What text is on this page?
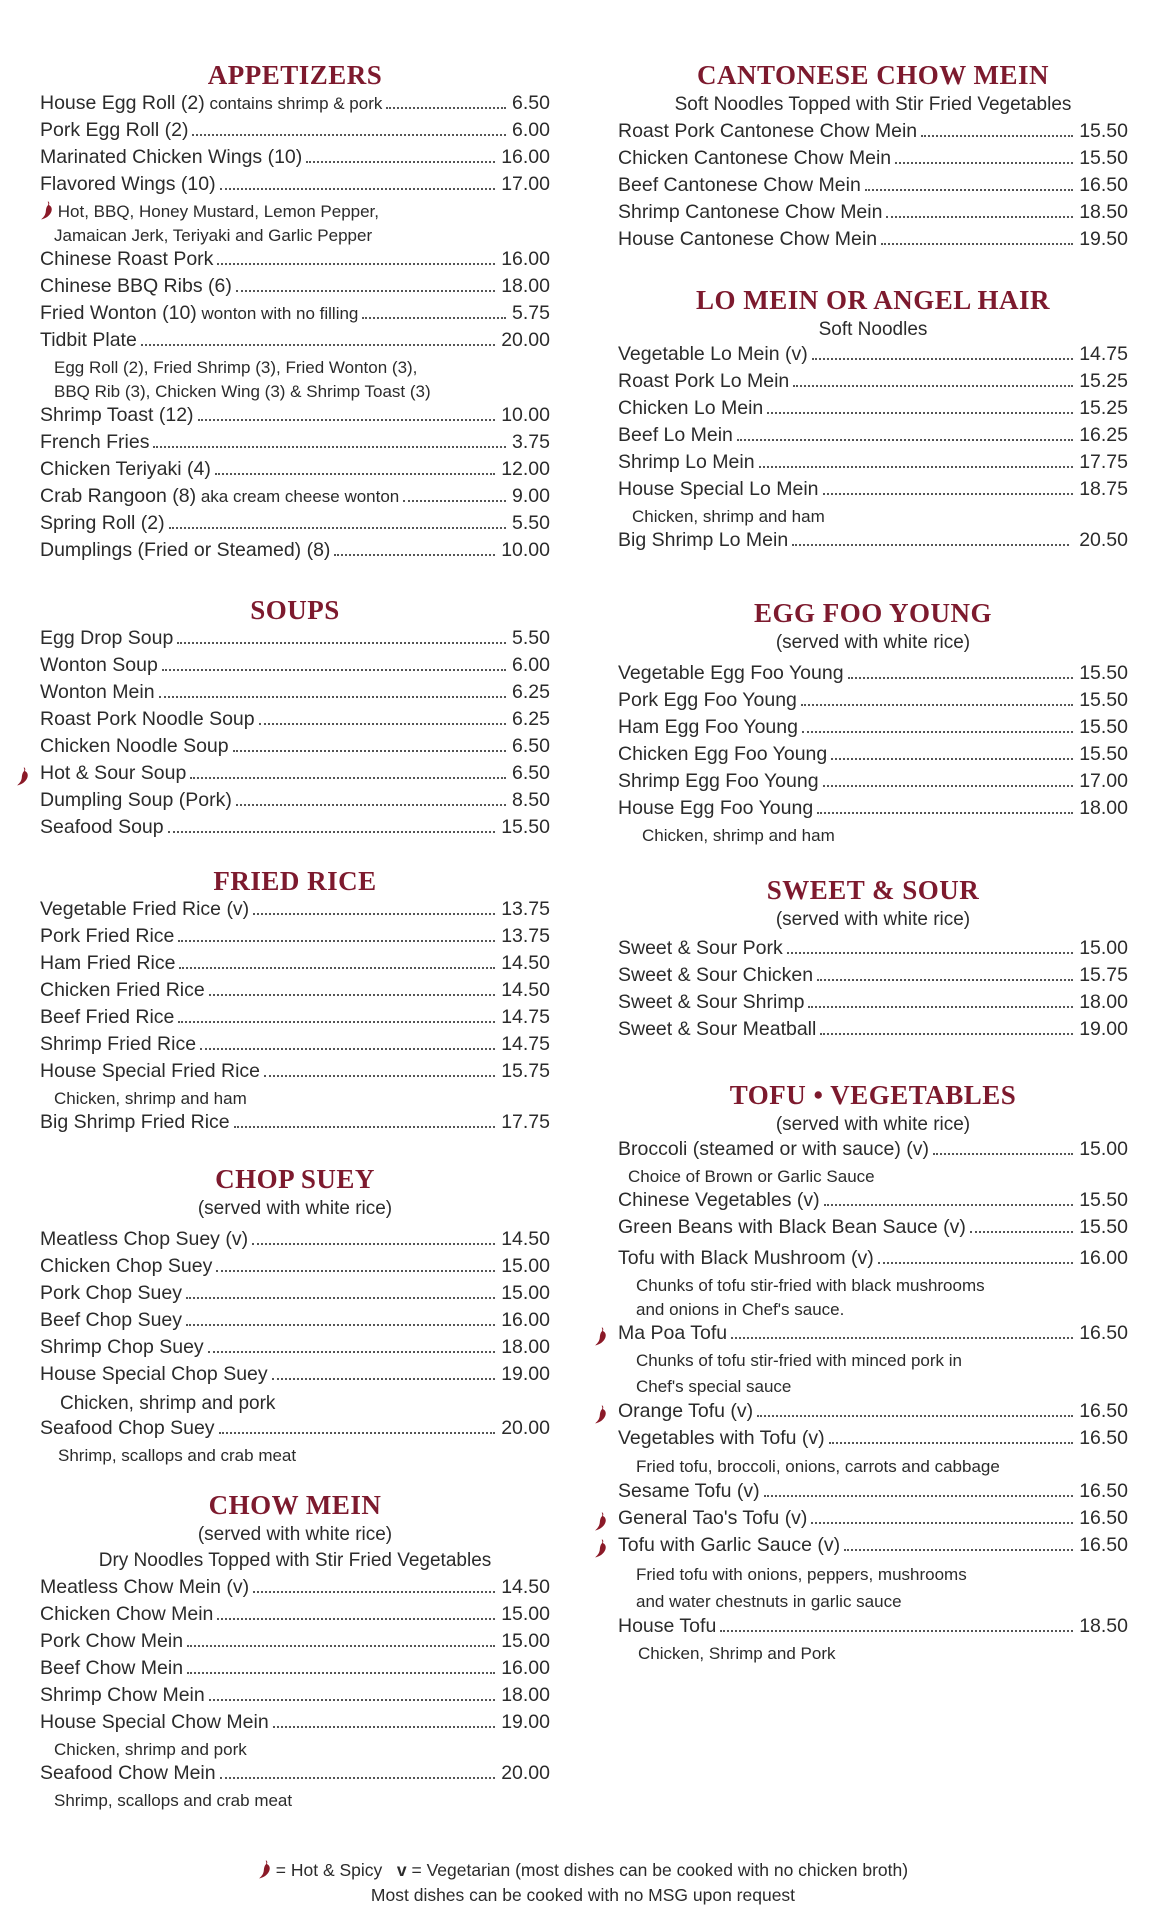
APPETIZERS
House Egg Roll (2) contains shrimp & pork	6.50
Pork Egg Roll (2)	6.00
Marinated Chicken Wings (10)	16.00
Flavored Wings (10)	17.00
Hot, BBQ, Honey Mustard, Lemon Pepper,
Jamaican Jerk, Teriyaki and Garlic Pepper
Chinese Roast Pork	16.00
Chinese BBQ Ribs (6)	18.00
Fried Wonton (10) wonton with no filling	5.75
Tidbit Plate	20.00
Egg Roll (2), Fried Shrimp (3), Fried Wonton (3),
BBQ Rib (3), Chicken Wing (3) & Shrimp Toast (3)
Shrimp Toast (12)	10.00
French Fries	3.75
Chicken Teriyaki (4)	12.00
Crab Rangoon (8) aka cream cheese wonton	9.00
Spring Roll (2)	5.50
Dumplings (Fried or Steamed) (8)	10.00
SOUPS
Egg Drop Soup	5.50
Wonton Soup	6.00
Wonton Mein	6.25
Roast Pork Noodle Soup	6.25
Chicken Noodle Soup	6.50
Hot & Sour Soup	6.50
Dumpling Soup (Pork)	8.50
Seafood Soup	15.50
FRIED RICE
Vegetable Fried Rice (v)	13.75
Pork Fried Rice	13.75
Ham Fried Rice	14.50
Chicken Fried Rice	14.50
Beef Fried Rice	14.75
Shrimp Fried Rice	14.75
House Special Fried Rice	15.75
Chicken, shrimp and ham
Big Shrimp Fried Rice	17.75
CHOP SUEY
(served with white rice)
Meatless Chop Suey (v)	14.50
Chicken Chop Suey	15.00
Pork Chop Suey	15.00
Beef Chop Suey	16.00
Shrimp Chop Suey	18.00
House Special Chop Suey	19.00
Chicken, shrimp and pork
Seafood Chop Suey	20.00
Shrimp, scallops and crab meat
CHOW MEIN
(served with white rice)
Dry Noodles Topped with Stir Fried Vegetables
Meatless Chow Mein (v)	14.50
Chicken Chow Mein	15.00
Pork Chow Mein	15.00
Beef Chow Mein	16.00
Shrimp Chow Mein	18.00
House Special Chow Mein	19.00
Chicken, shrimp and pork
Seafood Chow Mein	20.00
Shrimp, scallops and crab meat
CANTONESE CHOW MEIN
Soft Noodles Topped with Stir Fried Vegetables
Roast Pork Cantonese Chow Mein	15.50
Chicken Cantonese Chow Mein	15.50
Beef Cantonese Chow Mein	16.50
Shrimp Cantonese Chow Mein	18.50
House Cantonese Chow Mein	19.50
LO MEIN OR ANGEL HAIR
Soft Noodles
Vegetable Lo Mein (v)	14.75
Roast Pork Lo Mein	15.25
Chicken Lo Mein	15.25
Beef Lo Mein	16.25
Shrimp Lo Mein	17.75
House Special Lo Mein	18.75
Chicken, shrimp and ham
Big Shrimp Lo Mein	20.50
EGG FOO YOUNG
(served with white rice)
Vegetable Egg Foo Young	15.50
Pork Egg Foo Young	15.50
Ham Egg Foo Young	15.50
Chicken Egg Foo Young	15.50
Shrimp Egg Foo Young	17.00
House Egg Foo Young	18.00
Chicken, shrimp and ham
SWEET & SOUR
(served with white rice)
Sweet & Sour Pork	15.00
Sweet & Sour Chicken	15.75
Sweet & Sour Shrimp	18.00
Sweet & Sour Meatball	19.00
TOFU • VEGETABLES
(served with white rice)
Broccoli (steamed or with sauce) (v)	15.00
Choice of Brown or Garlic Sauce
Chinese Vegetables (v)	15.50
Green Beans with Black Bean Sauce (v)	15.50
Tofu with Black Mushroom (v)	16.00
Chunks of tofu stir-fried with black mushrooms
and onions in Chef's sauce.
Ma Poa Tofu	16.50
Chunks of tofu stir-fried with minced pork in
Chef's special sauce
Orange Tofu (v)	16.50
Vegetables with Tofu (v)	16.50
Fried tofu, broccoli, onions, carrots and cabbage
Sesame Tofu (v)	16.50
General Tao's Tofu (v)	16.50
Tofu with Garlic Sauce (v)	16.50
Fried tofu with onions, peppers, mushrooms
and water chestnuts in garlic sauce
House Tofu	18.50
Chicken, Shrimp and Pork
= Hot & Spicy v = Vegetarian (most dishes can be cooked with no chicken broth)
Most dishes can be cooked with no MSG upon request
